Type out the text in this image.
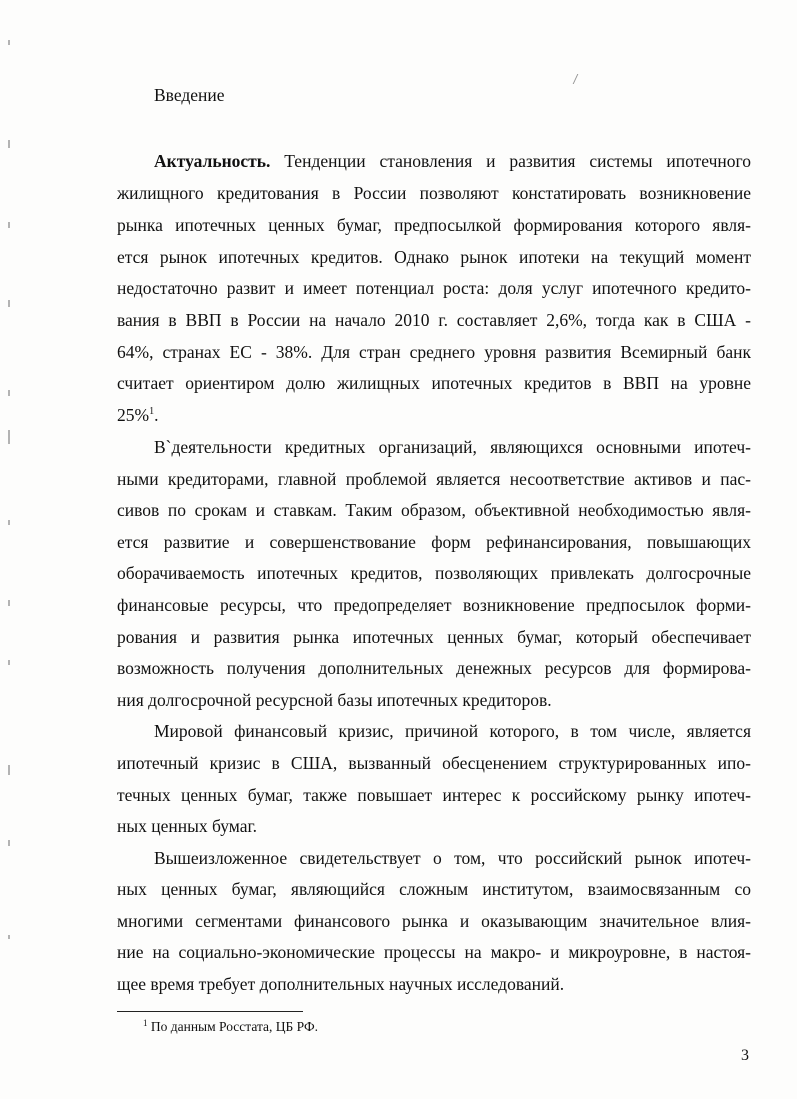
Введение
Актуальность. Тенденции становления и развития системы ипотечного
жилищного кредитования в России позволяют констатировать возникновение
рынка ипотечных ценных бумаг, предпосылкой формирования которого явля-
ется рынок ипотечных кредитов. Однако рынок ипотеки на текущий момент
недостаточно развит и имеет потенциал роста: доля услуг ипотечного кредито-
вания в ВВП в России на начало 2010 г. составляет 2,6%, тогда как в США -
64%, странах ЕС - 38%. Для стран среднего уровня развития Всемирный банк
считает ориентиром долю жилищных ипотечных кредитов в ВВП на уровне
25%$^1$.
В`деятельности кредитных организаций, являющихся основными ипотеч-
ными кредиторами, главной проблемой является несоответствие активов и пас-
сивов по срокам и ставкам. Таким образом, объективной необходимостью явля-
ется развитие и совершенствование форм рефинансирования, повышающих
оборачиваемость ипотечных кредитов, позволяющих привлекать долгосрочные
финансовые ресурсы, что предопределяет возникновение предпосылок форми-
рования и развития рынка ипотечных ценных бумаг, который обеспечивает
возможность получения дополнительных денежных ресурсов для формирова-
ния долгосрочной ресурсной базы ипотечных кредиторов.
Мировой финансовый кризис, причиной которого, в том числе, является
ипотечный кризис в США, вызванный обесценением структурированных ипо-
течных ценных бумаг, также повышает интерес к российскому рынку ипотеч-
ных ценных бумаг.
Вышеизложенное свидетельствует о том, что российский рынок ипотеч-
ных ценных бумаг, являющийся сложным институтом, взаимосвязанным со
многими сегментами финансового рынка и оказывающим значительное влия-
ние на социально-экономические процессы на макро- и микроуровне, в настоя-
щее время требует дополнительных научных исследований.
$^1$ По данным Росстата, ЦБ РФ.
3
